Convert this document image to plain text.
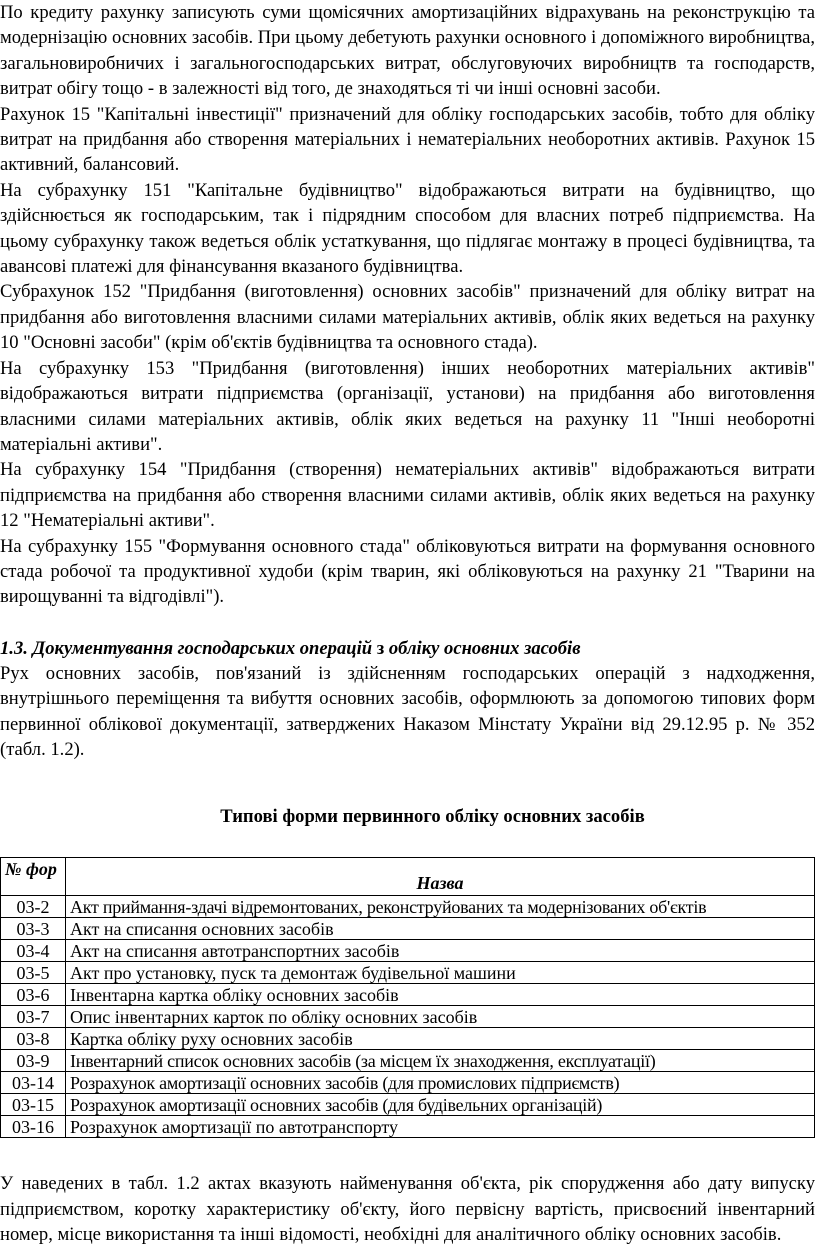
По кредиту рахунку записують суми щомісячних амортизаційних відрахувань на реконструкцію та модернізацію основних засобів. При цьому дебетують рахунки основного і допоміжного виробництва, загальновиробничих і загальногосподарських витрат, обслуговуючих виробництв та господарств, витрат обігу тощо - в залежності від того, де знаходяться ті чи інші основні засоби.

Рахунок 15 "Капітальні інвестиції" призначений для обліку господарських засобів, тобто для обліку витрат на придбання або створення матеріальних і нематеріальних необоротних активів. Рахунок 15 активний, балансовий.

На субрахунку 151 "Капітальне будівництво" відображаються витрати на будівництво, що здійснюється як господарським, так і підрядним способом для власних потреб підприємства. На цьому субрахунку також ведеться облік устаткування, що підлягає монтажу в процесі будівництва, та авансові платежі для фінансування вказаного будівництва.

Субрахунок 152 "Придбання (виготовлення) основних засобів" призначений для обліку витрат на придбання або виготовлення власними силами матеріальних активів, облік яких ведеться на рахунку 10 "Основні засоби" (крім об'єктів будівництва та основного стада).

На субрахунку 153 "Придбання (виготовлення) інших необоротних матеріальних активів" відображаються витрати підприємства (організації, установи) на придбання або виготовлення власними силами матеріальних активів, облік яких ведеться на рахунку 11 "Інші необоротні матеріальні активи".

На субрахунку 154 "Придбання (створення) нематеріальних активів" відображаються витрати підприємства на придбання або створення власними силами активів, облік яких ведеться на рахунку 12 "Нематеріальні активи".

На субрахунку 155 "Формування основного стада" обліковуються витрати на формування основного стада робочої та продуктивної худоби (крім тварин, які обліковуються на рахунку 21 "Тварини на вирощуванні та відгодівлі").

1.3. Документування господарських операцій з обліку основних засобів

Рух основних засобів, пов'язаний із здійсненням господарських операцій з надходження, внутрішнього переміщення та вибуття основних засобів, оформлюють за допомогою типових форм первинної облікової документації, затверджених Наказом Мінстату України від 29.12.95 р. № 352 (табл. 1.2).

Типові форми первинного обліку основних засобів

№ фор	Назва
03-2	Акт приймання-здачі відремонтованих, реконструйованих та модернізованих об'єктів
03-3	Акт на списання основних засобів
03-4	Акт на списання автотранспортних засобів
03-5	Акт про установку, пуск та демонтаж будівельної машини
03-6	Інвентарна картка обліку основних засобів
03-7	Опис інвентарних карток по обліку основних засобів
03-8	Картка обліку руху основних засобів
03-9	Інвентарний список основних засобів (за місцем їх знаходження, експлуатації)
03-14	Розрахунок амортизації основних засобів (для промислових підприємств)
03-15	Розрахунок амортизації основних засобів (для будівельних організацій)
03-16	Розрахунок амортизації по автотранспорту

У наведених в табл. 1.2 актах вказують найменування об'єкта, рік спорудження або дату випуску підприємством, коротку характеристику об'єкту, його первісну вартість, присвоєний інвентарний номер, місце використання та інші відомості, необхідні для аналітичного обліку основних засобів.
